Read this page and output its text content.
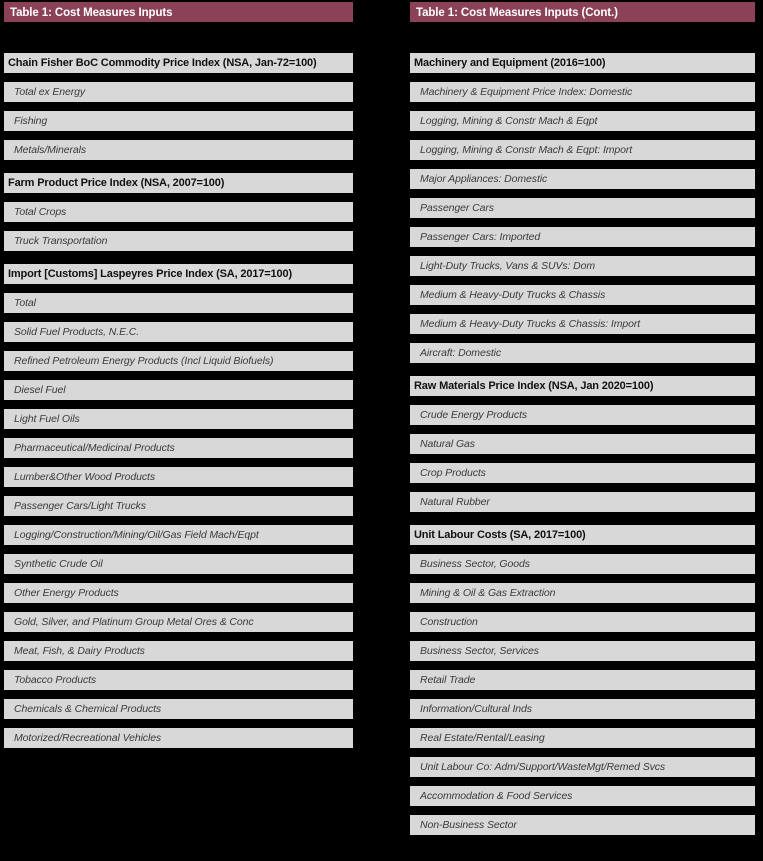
Table 1: Cost Measures Inputs
Chain Fisher BoC Commodity Price Index (NSA, Jan-72=100)
Total ex Energy
Fishing
Metals/Minerals
Farm Product Price Index (NSA, 2007=100)
Total Crops
Truck Transportation
Import [Customs] Laspeyres Price Index (SA, 2017=100)
Total
Solid Fuel Products, N.E.C.
Refined Petroleum Energy Products (Incl Liquid Biofuels)
Diesel Fuel
Light Fuel Oils
Pharmaceutical/Medicinal Products
Lumber&Other Wood Products
Passenger Cars/Light Trucks
Logging/Construction/Mining/Oil/Gas Field Mach/Eqpt
Synthetic Crude Oil
Other Energy Products
Gold, Silver, and Platinum Group Metal Ores & Conc
Meat, Fish, & Dairy Products
Tobacco Products
Chemicals & Chemical Products
Motorized/Recreational Vehicles
Table 1: Cost Measures Inputs (Cont.)
Machinery and Equipment (2016=100)
Machinery & Equipment Price Index: Domestic
Logging, Mining & Constr Mach & Eqpt
Logging, Mining & Constr Mach & Eqpt: Import
Major Appliances: Domestic
Passenger Cars
Passenger Cars: Imported
Light-Duty Trucks, Vans & SUVs: Dom
Medium & Heavy-Duty Trucks & Chassis
Medium & Heavy-Duty Trucks & Chassis: Import
Aircraft: Domestic
Raw Materials Price Index (NSA, Jan 2020=100)
Crude Energy Products
Natural Gas
Crop Products
Natural Rubber
Unit Labour Costs (SA, 2017=100)
Business Sector, Goods
Mining & Oil & Gas Extraction
Construction
Business Sector, Services
Retail Trade
Information/Cultural Inds
Real Estate/Rental/Leasing
Unit Labour Co: Adm/Support/WasteMgt/Remed Svcs
Accommodation & Food Services
Non-Business Sector
